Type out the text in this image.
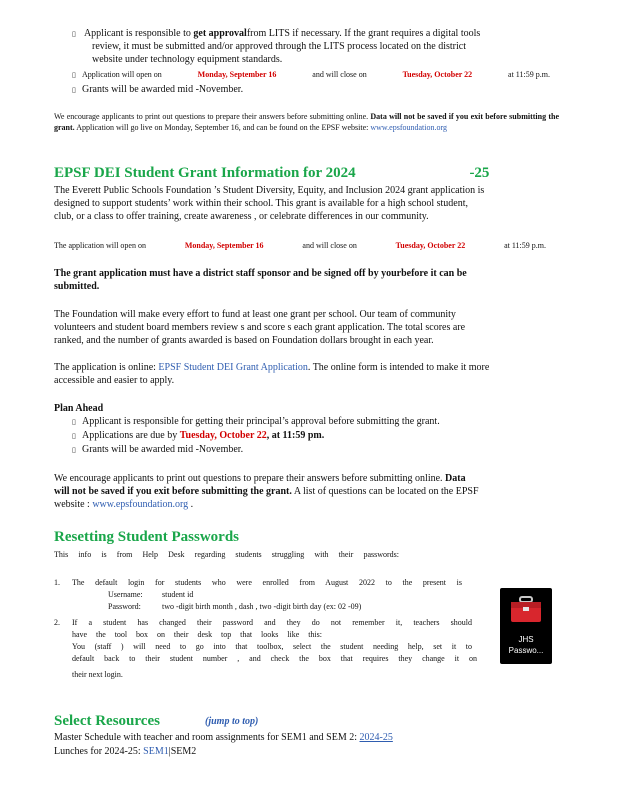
▯ Applicant is responsible to get approvalfrom LITS if necessary. If the grant requires a digital tools
review, it must be submitted and/or approved through the LITS process located on the district
website under technology equipment standards.
▯ Application will open on	Monday, September 16	and will close on	Tuesday, October 22	at 11:59 p.m.
▯ Grants will be awarded mid -November.
We encourage applicants to print out questions to prepare their answers before submitting online. Data will not be saved if you exit before submitting the grant. Application will go live on Monday, September 16, and can be found on the EPSF website: www.epsfoundation.org
EPSF DEI Student Grant Information for 2024	-25
The Everett Public Schools Foundation ’s Student Diversity, Equity, and Inclusion 2024 grant application is
designed to support students’ work within their school. This grant is available for a high school student,
club, or a class to offer training, create awareness , or celebrate differences in our community.
The application will open on	Monday, September 16	and will close on	Tuesday, October 22	at 11:59 p.m.
The grant application must have a district staff sponsor and be signed off by yourbefore it can be
submitted.
The Foundation will make every effort to fund at least one grant per school. Our team of community
volunteers and student board members review s and score s each grant application. The total scores are
ranked, and the number of grants awarded is based on Foundation dollars brought in each year.
The application is online: EPSF Student DEI Grant Application. The online form is intended to make it more
accessible and easier to apply.
Plan Ahead
▯ Applicant is responsible for getting their principal’s approval before submitting the grant.
▯ Applications are due by Tuesday, October 22, at 11:59 pm.
▯ Grants will be awarded mid -November.
We encourage applicants to print out questions to prepare their answers before submitting online. Data
will not be saved if you exit before submitting the grant. A list of questions can be located on the EPSF
website : www.epsfoundation.org .
Resetting Student Passwords
This info is from Help Desk regarding students struggling with their passwords:
1. The default login for students who were enrolled from August 2022 to the present is
Username: student id
Password:	two -digit birth month , dash , two -digit birth day (ex: 02 -09)
2. If a student has changed their password and they do not remember it, teachers should
have the tool box on their desk top that looks like this:
You (staff ) will need to go into that toolbox, select the student needing help, set it to
default back to their student number , and check the box that requires they change it on
their next login.
JHS
Passwo...
Select Resources	(jump to top)
Master Schedule with teacher and room assignments for SEM1 and SEM 2: 2024-25
Lunches for 2024-25: SEM1|SEM2
